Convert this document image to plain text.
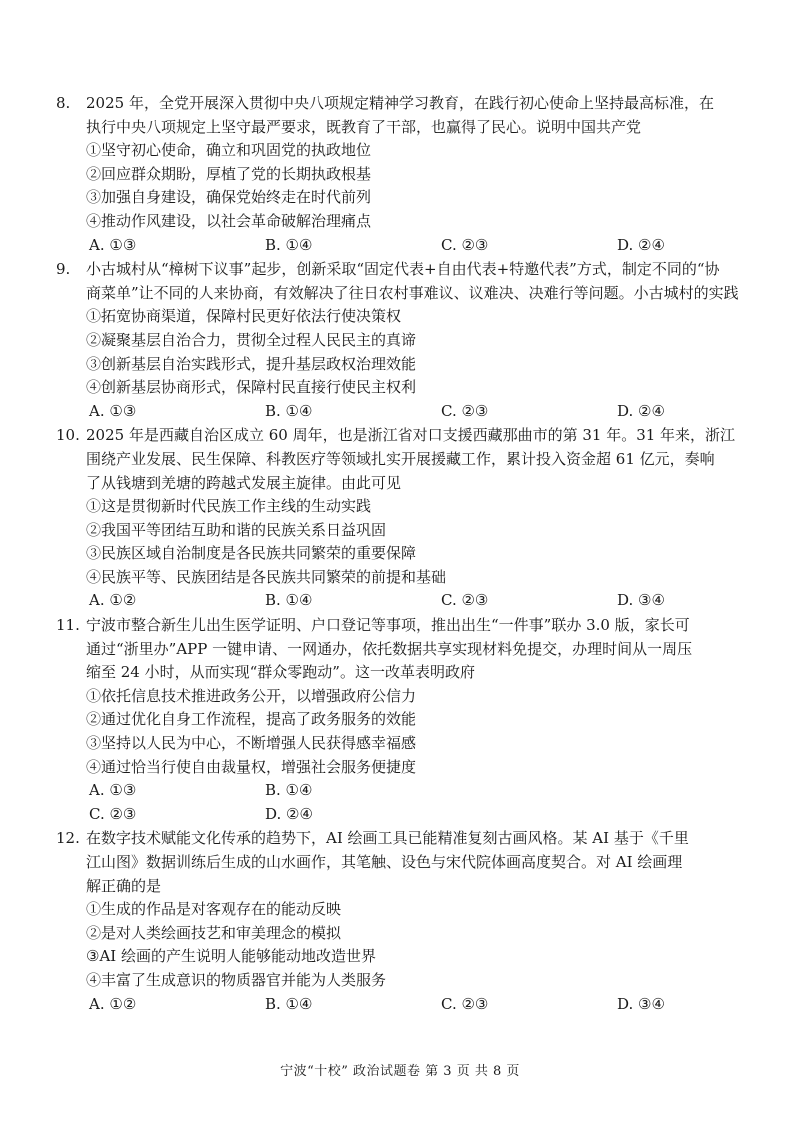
8.	2025 年，全党开展深入贯彻中央八项规定精神学习教育，在践行初心使命上坚持最高标准，在
执行中央八项规定上坚守最严要求，既教育了干部，也赢得了民心。说明中国共产党
①坚守初心使命，确立和巩固党的执政地位
②回应群众期盼，厚植了党的长期执政根基
③加强自身建设，确保党始终走在时代前列
④推动作风建设，以社会革命破解治理痛点
A. ①③	B. ①④	C. ②③	D. ②④
9.	小古城村从“樟树下议事”起步，创新采取“固定代表+自由代表+特邀代表”方式，制定不同的“协
商菜单”让不同的人来协商，有效解决了往日农村事难议、议难决、决难行等问题。小古城村的实践
①拓宽协商渠道，保障村民更好依法行使决策权
②凝聚基层自治合力，贯彻全过程人民民主的真谛
③创新基层自治实践形式，提升基层政权治理效能
④创新基层协商形式，保障村民直接行使民主权利
A. ①③	B. ①④	C. ②③	D. ②④
10. 2025 年是西藏自治区成立 60 周年，也是浙江省对口支援西藏那曲市的第 31 年。31 年来，浙江
围绕产业发展、民生保障、科教医疗等领域扎实开展援藏工作，累计投入资金超 61 亿元，奏响
了从钱塘到羌塘的跨越式发展主旋律。由此可见
①这是贯彻新时代民族工作主线的生动实践
②我国平等团结互助和谐的民族关系日益巩固
③民族区域自治制度是各民族共同繁荣的重要保障
④民族平等、民族团结是各民族共同繁荣的前提和基础
A. ①②	B. ①④	C. ②③	D. ③④
11. 宁波市整合新生儿出生医学证明、户口登记等事项，推出出生“一件事”联办 3.0 版，家长可
通过“浙里办”APP 一键申请、一网通办，依托数据共享实现材料免提交，办理时间从一周压
缩至 24 小时，从而实现“群众零跑动”。这一改革表明政府
①依托信息技术推进政务公开，以增强政府公信力
②通过优化自身工作流程，提高了政务服务的效能
③坚持以人民为中心，不断增强人民获得感幸福感
④通过恰当行使自由裁量权，增强社会服务便捷度
A. ①③	B. ①④
C. ②③	D. ②④
12. 在数字技术赋能文化传承的趋势下，AI 绘画工具已能精准复刻古画风格。某 AI 基于《千里
江山图》数据训练后生成的山水画作，其笔触、设色与宋代院体画高度契合。对 AI 绘画理
解正确的是
①生成的作品是对客观存在的能动反映
②是对人类绘画技艺和审美理念的模拟
③AI 绘画的产生说明人能够能动地改造世界
④丰富了生成意识的物质器官并能为人类服务
A. ①②	B. ①④	C. ②③	D. ③④
宁波“十校” 政治试题卷 第 3 页 共 8 页
